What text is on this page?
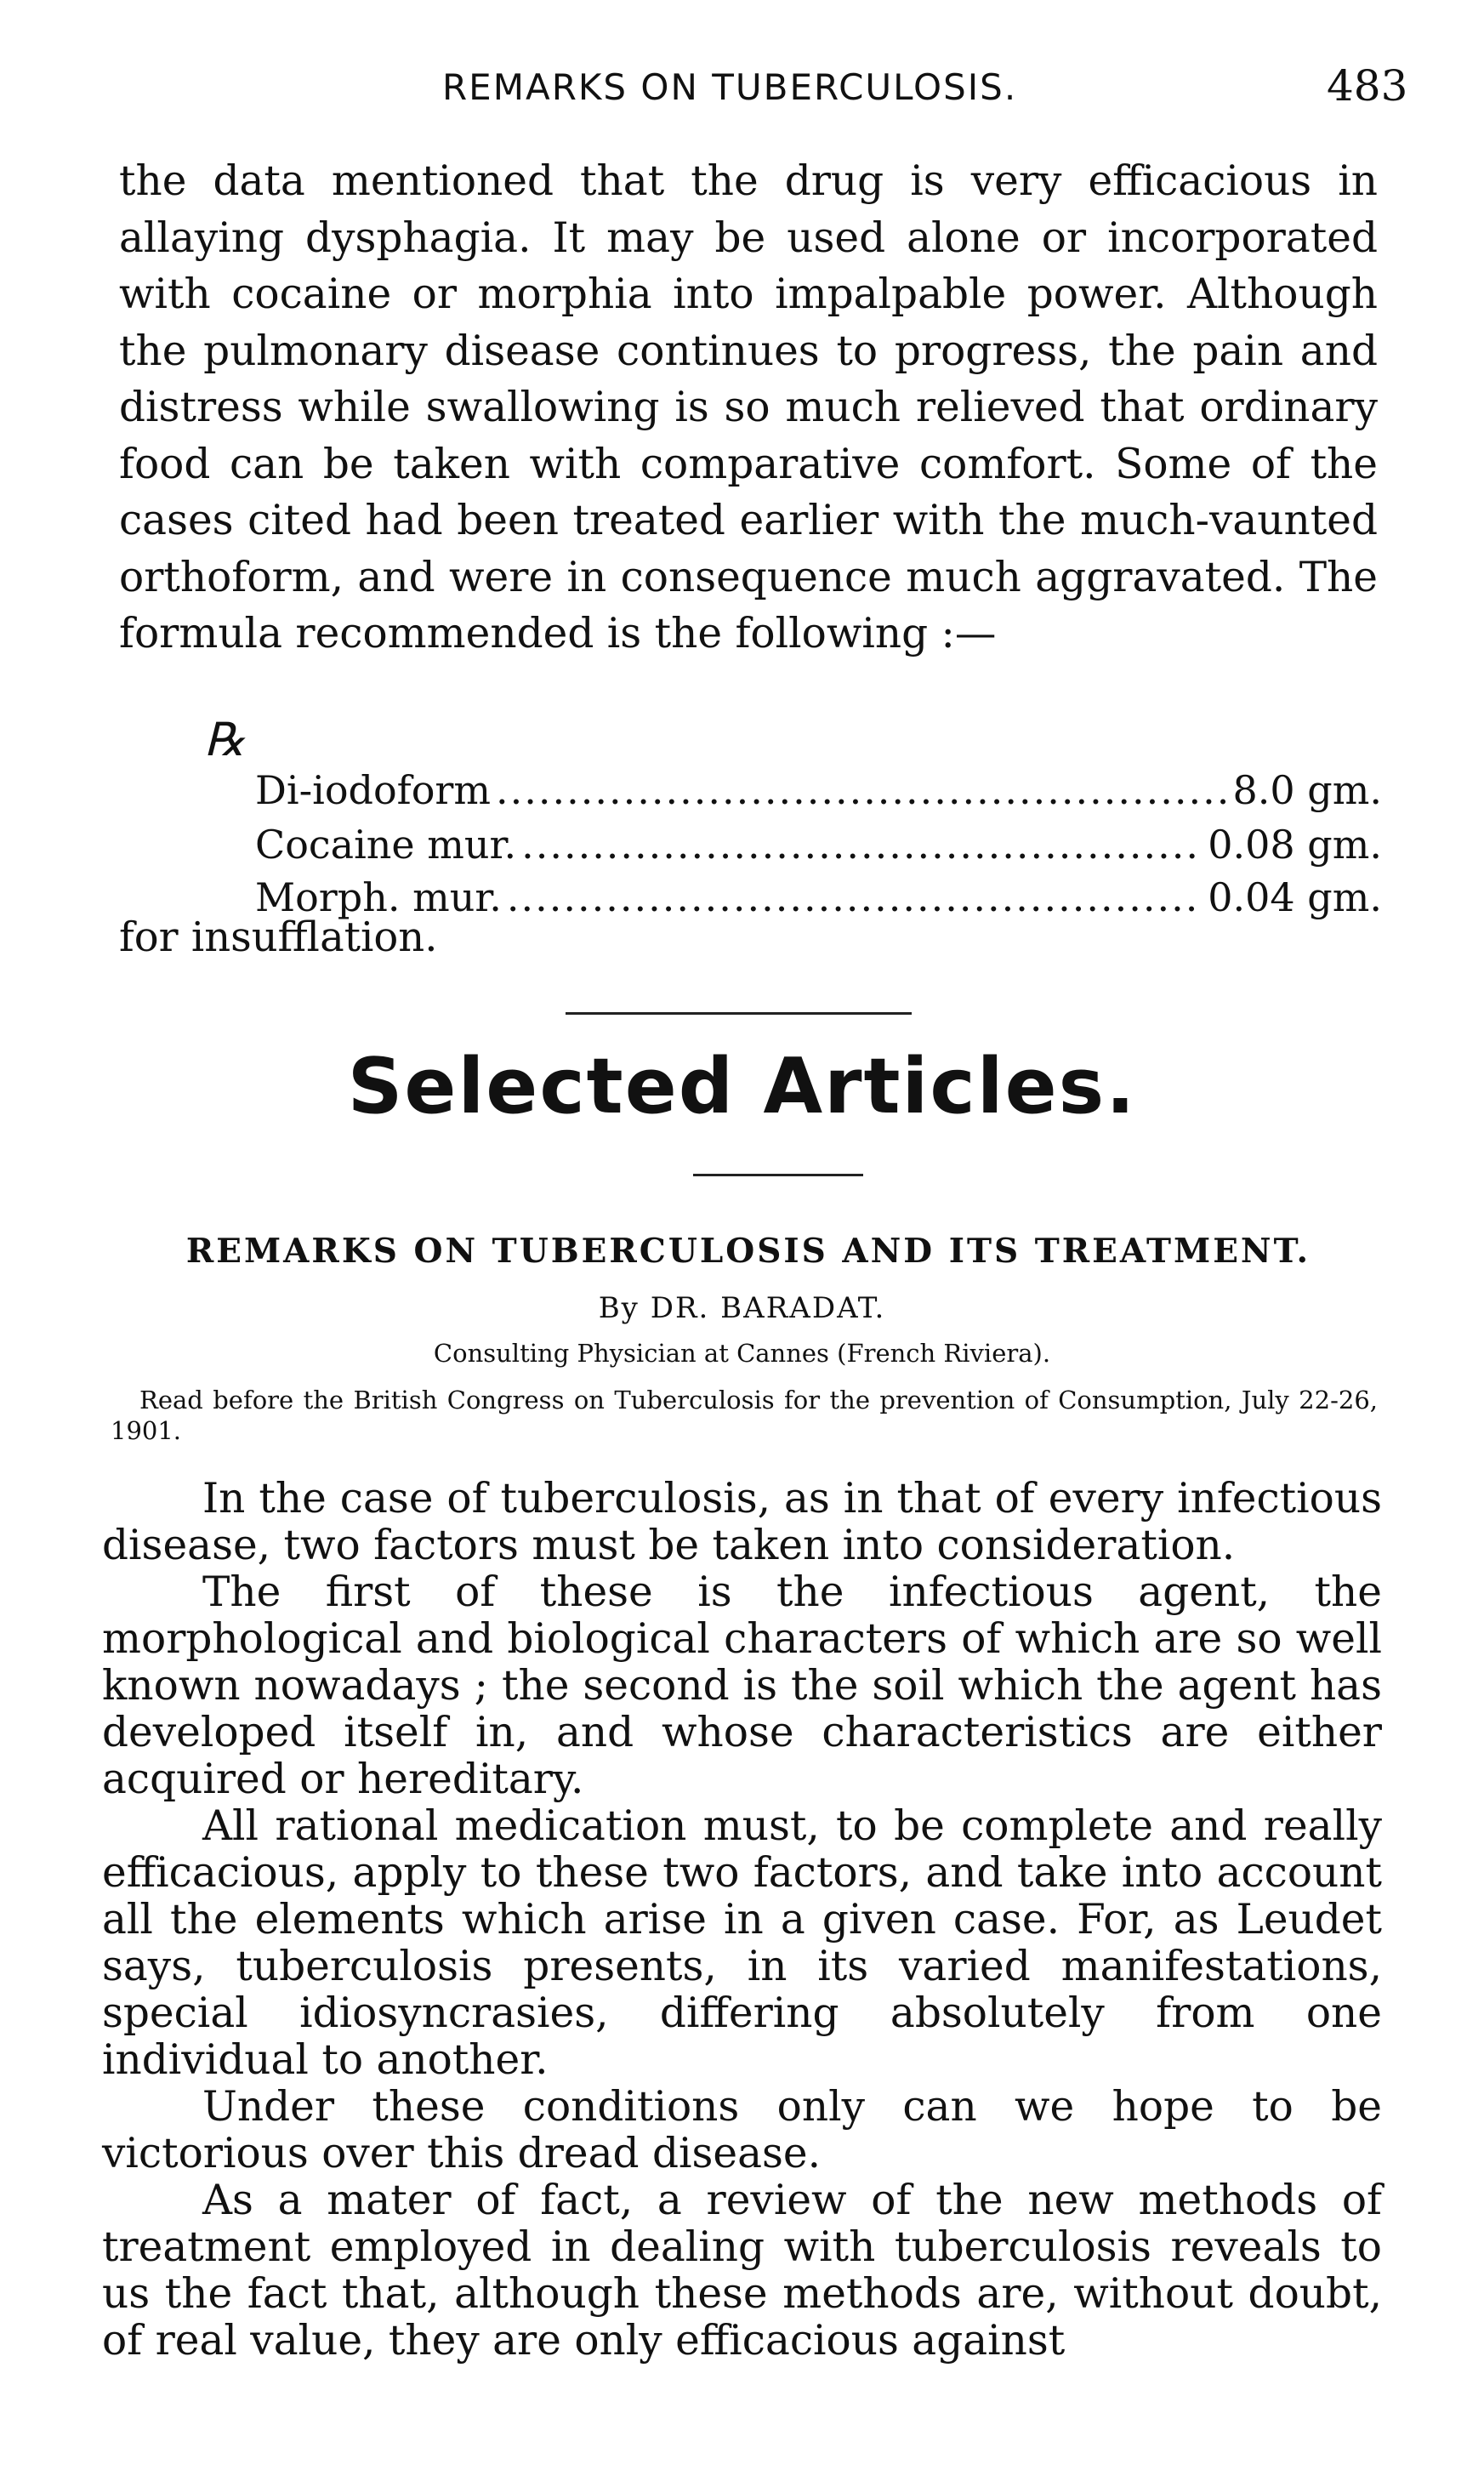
REMARKS ON TUBERCULOSIS.	483

the data mentioned that the drug is very efficacious in allaying dysphagia. It may be used alone or incorporated with cocaine or morphia into impalpable power. Although the pulmonary disease continues to progress, the pain and distress while swallowing is so much relieved that ordinary food can be taken with comparative comfort. Some of the cases cited had been treated earlier with the much-vaunted orthoform, and were in consequence much aggravated. The formula recommended is the following :—

℞
Di-iodoform .....	8.0 gm.
Cocaine mur. .....	0.08 gm.
Morph. mur. .....	0.04 gm.
for insufflation.
Selected Articles.
REMARKS ON TUBERCULOSIS AND ITS TREATMENT.
By DR. BARADAT.
Consulting Physician at Cannes (French Riviera).

Read before the British Congress on Tuberculosis for the prevention of Consumption, July 22-26, 1901.

In the case of tuberculosis, as in that of every infectious disease, two factors must be taken into consideration.

The first of these is the infectious agent, the morphological and biological characters of which are so well known nowadays ; the second is the soil which the agent has developed itself in, and whose characteristics are either acquired or hereditary.

All rational medication must, to be complete and really efficacious, apply to these two factors, and take into account all the elements which arise in a given case. For, as Leudet says, tuberculosis presents, in its varied manifestations, special idiosyncrasies, differing absolutely from one individual to another.

Under these conditions only can we hope to be victorious over this dread disease.

As a mater of fact, a review of the new methods of treatment employed in dealing with tuberculosis reveals to us the fact that, although these methods are, without doubt, of real value, they are only efficacious against
